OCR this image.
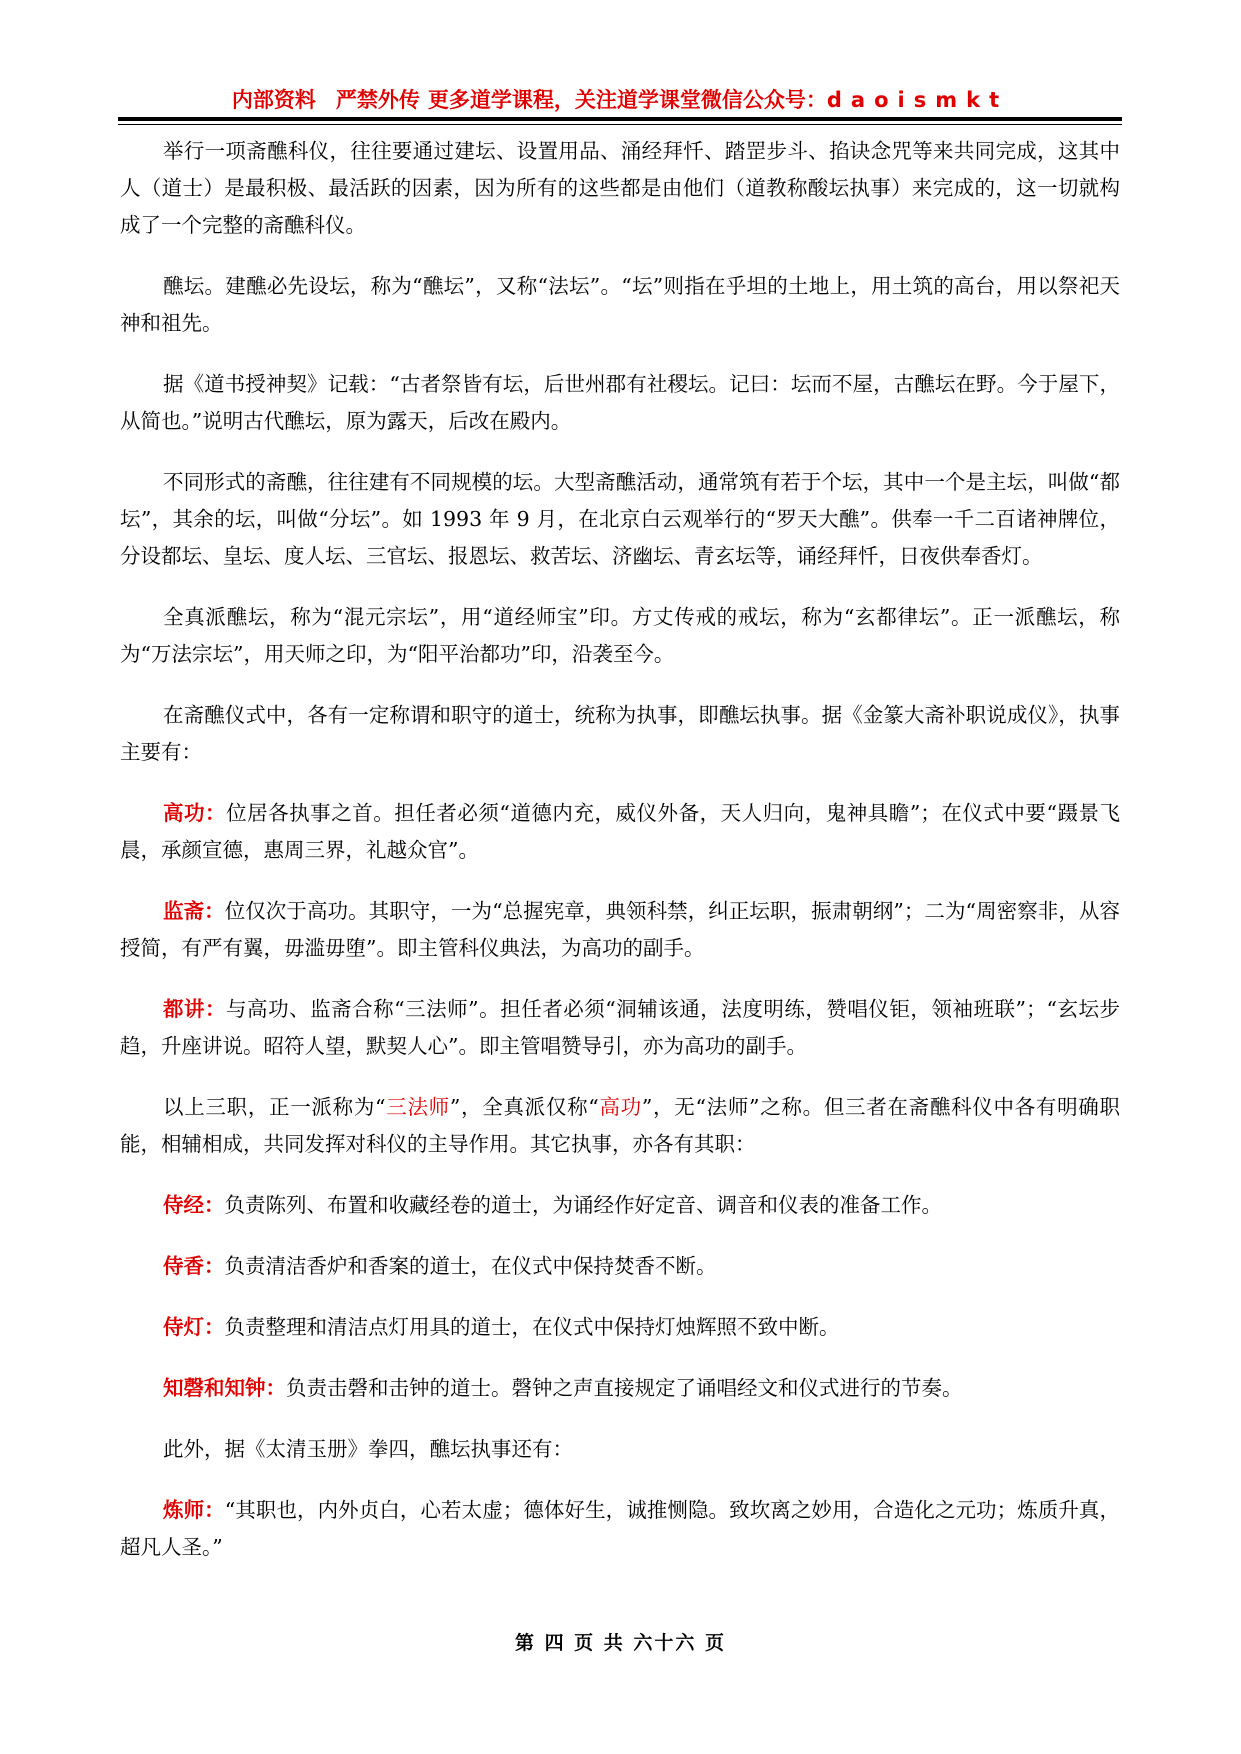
内部资料 严禁外传 更多道学课程，关注道学课堂微信公众号：daoismkt

举行一项斋醮科仪，往往要通过建坛、设置用品、涌经拜忏、踏罡步斗、掐诀念咒等来共同完成，这其中人（道士）是最积极、最活跃的因素，因为所有的这些都是由他们（道教称酸坛执事）来完成的，这一切就构成了一个完整的斋醮科仪。

醮坛。建醮必先设坛，称为“醮坛”，又称“法坛”。“坛”则指在乎坦的土地上，用土筑的高台，用以祭祀天神和祖先。

据《道书授神契》记载：“古者祭皆有坛，后世州郡有社稷坛。记曰：坛而不屋，古醮坛在野。今于屋下，从简也。”说明古代醮坛，原为露天，后改在殿内。

不同形式的斋醮，往往建有不同规模的坛。大型斋醮活动，通常筑有若于个坛，其中一个是主坛，叫做“都坛”，其余的坛，叫做“分坛”。如 1993 年 9 月，在北京白云观举行的“罗天大醮”。供奉一千二百诸神牌位，分设都坛、皇坛、度人坛、三官坛、报恩坛、救苦坛、济幽坛、青玄坛等，诵经拜忏，日夜供奉香灯。

全真派醮坛，称为“混元宗坛”，用“道经师宝”印。方丈传戒的戒坛，称为“玄都律坛”。正一派醮坛，称为“万法宗坛”，用天师之印，为“阳平治都功”印，沿袭至今。

在斋醮仪式中，各有一定称谓和职守的道士，统称为执事，即醮坛执事。据《金篆大斋补职说成仪》，执事主要有：

高功：位居各执事之首。担任者必须“道德内充，威仪外备，天人归向，鬼神具瞻”；在仪式中要“蹑景飞晨，承颜宣德，惠周三界，礼越众官”。

监斋：位仅次于高功。其职守，一为“总握宪章，典领科禁，纠正坛职，振肃朝纲”；二为“周密察非，从容授简，有严有翼，毋滥毋堕”。即主管科仪典法，为高功的副手。

都讲：与高功、监斋合称“三法师”。担任者必须“洞辅该通，法度明练，赞唱仪钜，领袖班联”；“玄坛步趋，升座讲说。昭符人望，默契人心”。即主管唱赞导引，亦为高功的副手。

以上三职，正一派称为“三法师”，全真派仅称“高功”，无“法师”之称。但三者在斋醮科仪中各有明确职能，相辅相成，共同发挥对科仪的主导作用。其它执事，亦各有其职：

侍经：负责陈列、布置和收藏经卷的道士，为诵经作好定音、调音和仪表的准备工作。

侍香：负责清洁香炉和香案的道士，在仪式中保持焚香不断。

侍灯：负责整理和清洁点灯用具的道士，在仪式中保持灯烛辉照不致中断。

知磬和知钟：负责击磬和击钟的道士。磬钟之声直接规定了诵唱经文和仪式进行的节奏。

此外，据《太清玉册》拳四，醮坛执事还有：

炼师：“其职也，内外贞白，心若太虚；德体好生，诚推恻隐。致坎离之妙用，合造化之元功；炼质升真，超凡人圣。”

第 四 页 共 六十六 页
